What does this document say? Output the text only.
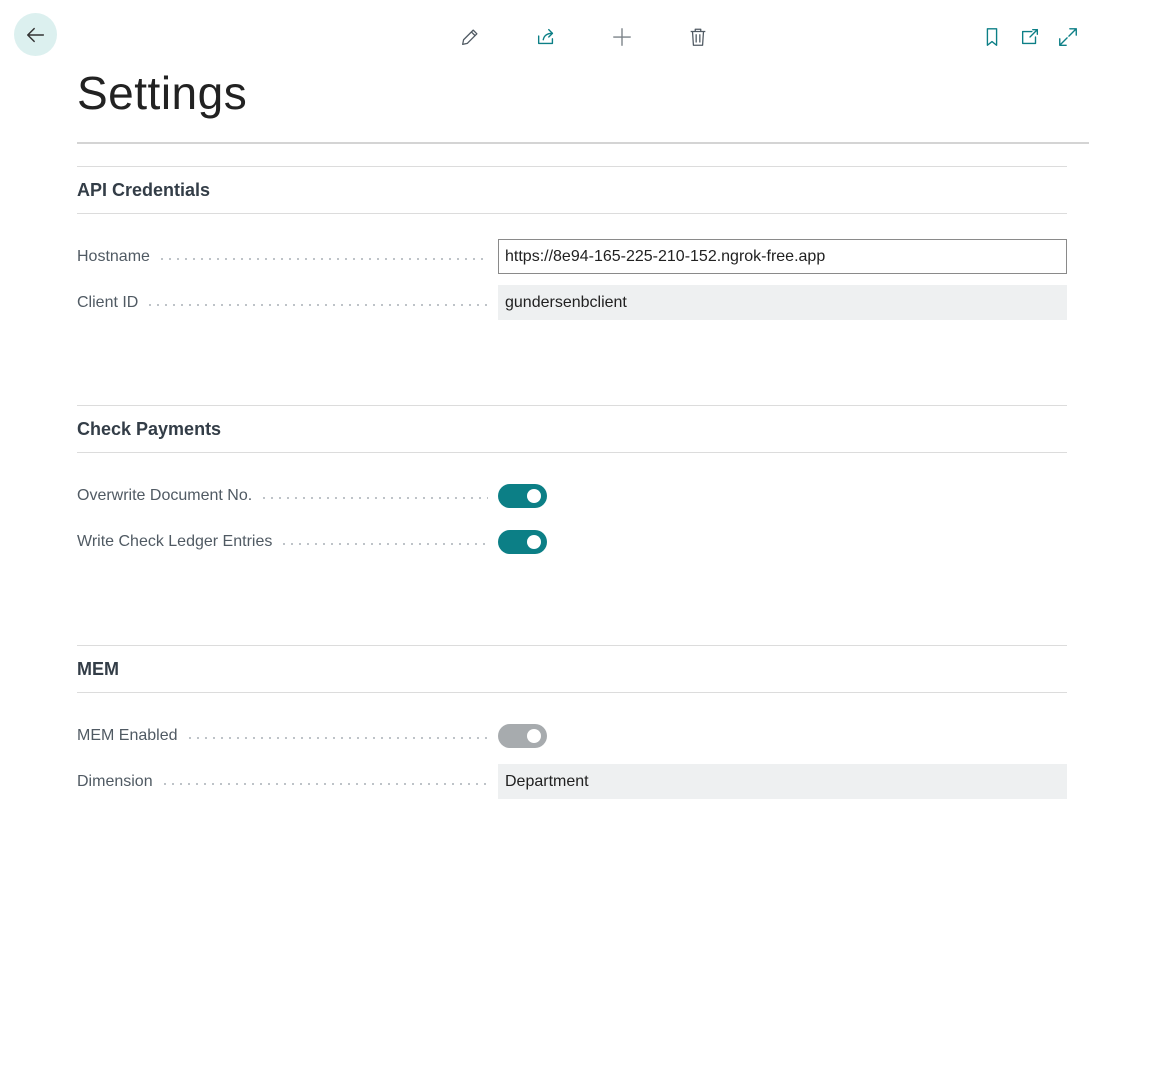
Settings
API Credentials
Hostname	https://8e94-165-225-210-152.ngrok-free.app
Client ID	gundersenbclient
Check Payments
Overwrite Document No.
Write Check Ledger Entries
MEM
MEM Enabled
Dimension	Department
